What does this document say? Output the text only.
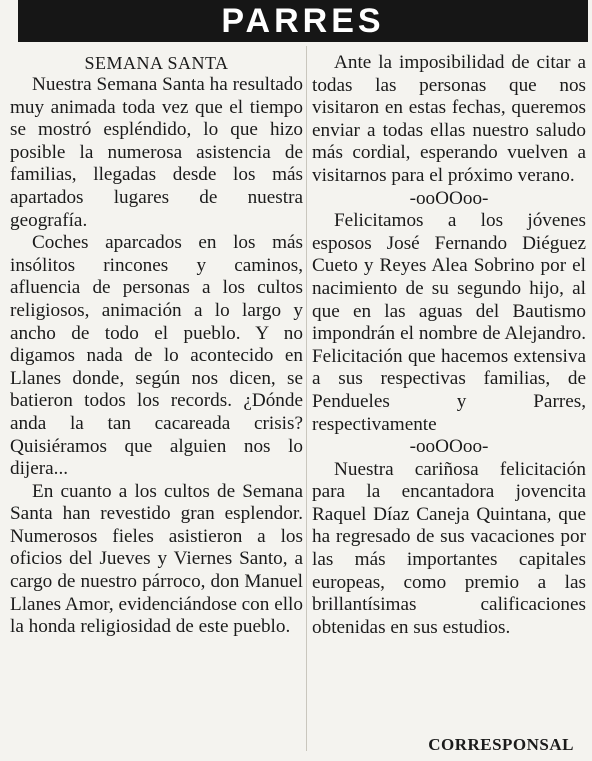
PARRES
SEMANA SANTA

Nuestra Semana Santa ha resultado muy animada toda vez que el tiempo se mostró espléndido, lo que hizo posible la numerosa asistencia de familias, llegadas desde los más apartados lugares de nuestra geografía.

Coches aparcados en los más insólitos rincones y caminos, afluencia de personas a los cultos religiosos, animación a lo largo y ancho de todo el pueblo. Y no digamos nada de lo acontecido en Llanes donde, según nos dicen, se batieron todos los records. ¿Dónde anda la tan cacareada crisis? Quisiéramos que alguien nos lo dijera...

En cuanto a los cultos de Semana Santa han revestido gran esplendor. Numerosos fieles asistieron a los oficios del Jueves y Viernes Santo, a cargo de nuestro párroco, don Manuel Llanes Amor, evidenciándose con ello la honda religiosidad de este pueblo.

Ante la imposibilidad de citar a todas las personas que nos visitaron en estas fechas, queremos enviar a todas ellas nuestro saludo más cordial, esperando vuelven a visitarnos para el próximo verano.

-ooOOoo-

Felicitamos a los jóvenes esposos José Fernando Diéguez Cueto y Reyes Alea Sobrino por el nacimiento de su segundo hijo, al que en las aguas del Bautismo impondrán el nombre de Alejandro. Felicitación que hacemos extensiva a sus respectivas familias, de Pendueles y Parres, respectivamente

-ooOOoo-

Nuestra cariñosa felicitación para la encantadora jovencita Raquel Díaz Caneja Quintana, que ha regresado de sus vacaciones por las más importantes capitales europeas, como premio a las brillantísimas calificaciones obtenidas en sus estudios.

CORRESPONSAL
